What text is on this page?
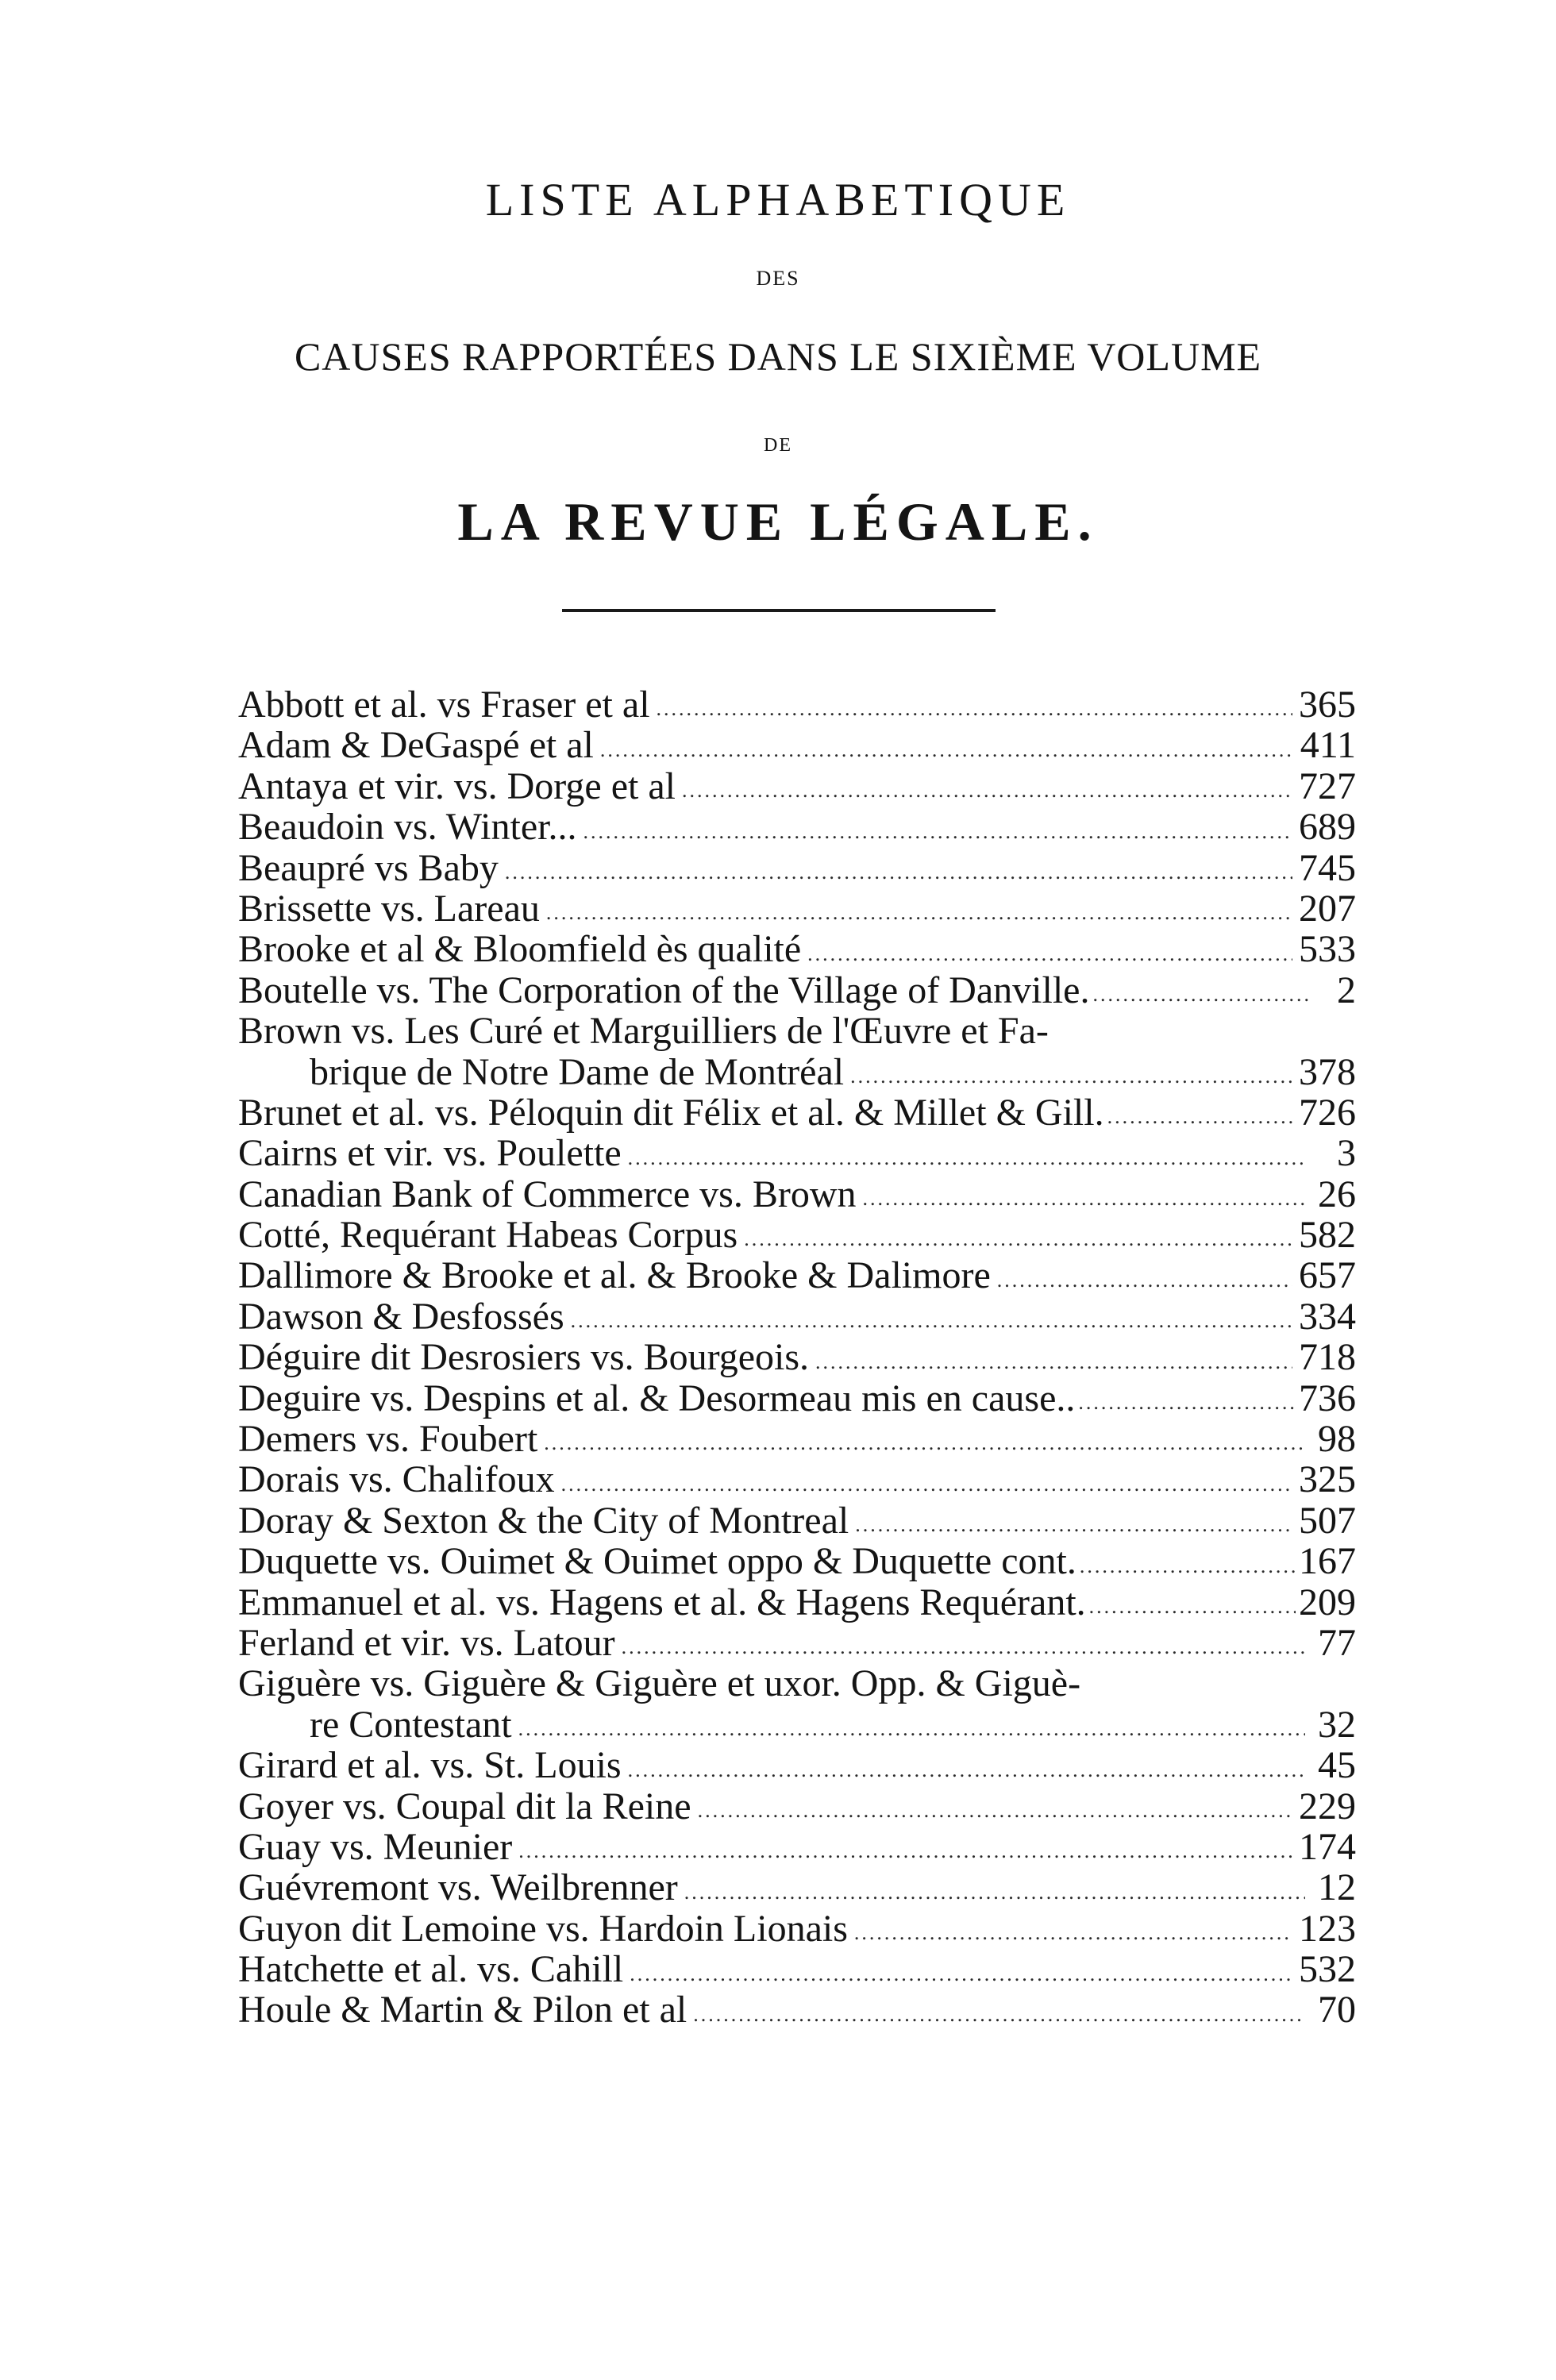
LISTE ALPHABETIQUE
DES
CAUSES RAPPORTÉES DANS LE SIXIÈME VOLUME
DE
LA REVUE LÉGALE.
Abbott et al. vs Fraser et al .....	365
Adam & DeGaspé et al .....	411
Antaya et vir. vs. Dorge et al .....	727
Beaudoin vs. Winter... .....	689
Beaupré vs Baby .....	745
Brissette vs. Lareau .....	207
Brooke et al & Bloomfield ès qualité .....	533
Boutelle vs. The Corporation of the Village of Danville. .....	2
Brown vs. Les Curé et Marguilliers de l'Œuvre et Fa-
brique de Notre Dame de Montréal .....	378
Brunet et al. vs. Péloquin dit Félix et al. & Millet & Gill. .....	726
Cairns et vir. vs. Poulette .....	3
Canadian Bank of Commerce vs. Brown .....	26
Cotté, Requérant Habeas Corpus .....	582
Dallimore & Brooke et al. & Brooke & Dalimore .....	657
Dawson & Desfossés .....	334
Déguire dit Desrosiers vs. Bourgeois. .....	718
Deguire vs. Despins et al. & Desormeau mis en cause.. .....	736
Demers vs. Foubert .....	98
Dorais vs. Chalifoux .....	325
Doray & Sexton & the City of Montreal .....	507
Duquette vs. Ouimet & Ouimet oppo & Duquette cont. .....	167
Emmanuel et al. vs. Hagens et al. & Hagens Requérant. .....	209
Ferland et vir. vs. Latour .....	77
Giguère vs. Giguère & Giguère et uxor. Opp. & Giguè-
re Contestant .....	32
Girard et al. vs. St. Louis .....	45
Goyer vs. Coupal dit la Reine .....	229
Guay vs. Meunier .....	174
Guévremont vs. Weilbrenner .....	12
Guyon dit Lemoine vs. Hardoin Lionais .....	123
Hatchette et al. vs. Cahill .....	532
Houle & Martin & Pilon et al .....	70
